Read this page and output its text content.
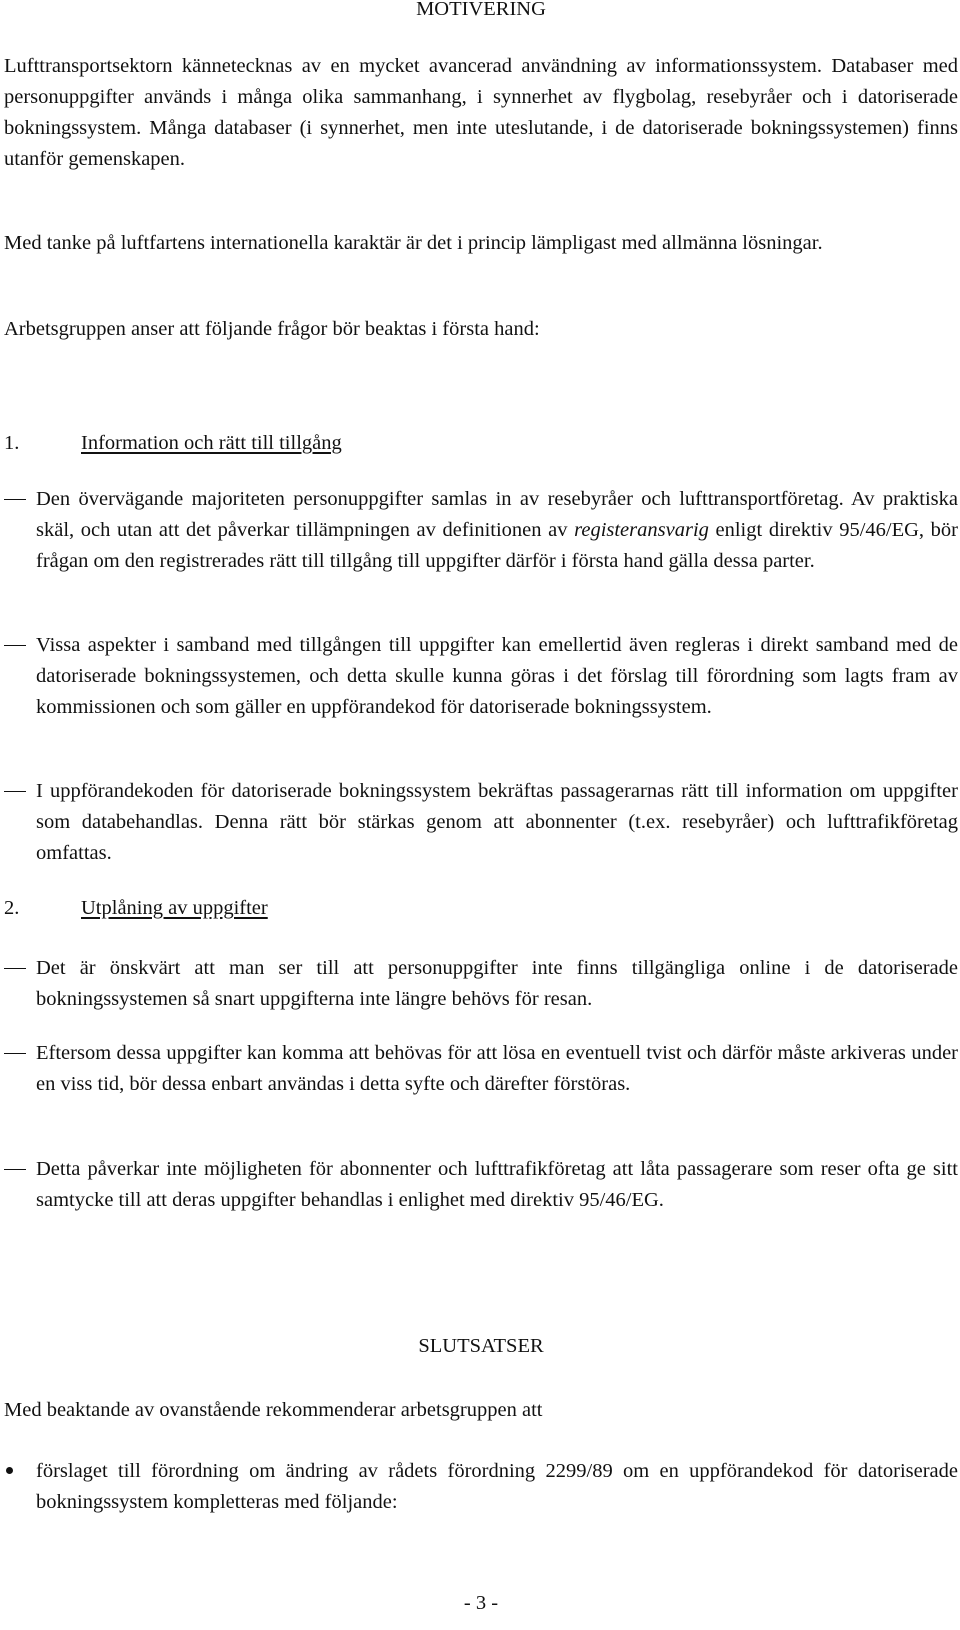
MOTIVERING
Lufttransportsektorn kännetecknas av en mycket avancerad användning av informationssystem. Databaser med personuppgifter används i många olika sammanhang, i synnerhet av flygbolag, resebyråer och i datoriserade bokningssystem. Många databaser (i synnerhet, men inte uteslutande, i de datoriserade bokningssystemen) finns utanför gemenskapen.
Med tanke på luftfartens internationella karaktär är det i princip lämpligast med allmänna lösningar.
Arbetsgruppen anser att följande frågor bör beaktas i första hand:
1.	Information och rätt till tillgång
Den övervägande majoriteten personuppgifter samlas in av resebyråer och lufttransportföretag. Av praktiska skäl, och utan att det påverkar tillämpningen av definitionen av registeransvarig enligt direktiv 95/46/EG, bör frågan om den registrerades rätt till tillgång till uppgifter därför i första hand gälla dessa parter.
Vissa aspekter i samband med tillgången till uppgifter kan emellertid även regleras i direkt samband med de datoriserade bokningssystemen, och detta skulle kunna göras i det förslag till förordning som lagts fram av kommissionen och som gäller en uppförandekod för datoriserade bokningssystem.
I uppförandekoden för datoriserade bokningssystem bekräftas passagerarnas rätt till information om uppgifter som databehandlas. Denna rätt bör stärkas genom att abonnenter (t.ex. resebyråer) och lufttrafikföretag omfattas.
2.	Utplåning av uppgifter
Det är önskvärt att man ser till att personuppgifter inte finns tillgängliga online i de datoriserade bokningssystemen så snart uppgifterna inte längre behövs för resan.
Eftersom dessa uppgifter kan komma att behövas för att lösa en eventuell tvist och därför måste arkiveras under en viss tid, bör dessa enbart användas i detta syfte och därefter förstöras.
Detta påverkar inte möjligheten för abonnenter och lufttrafikföretag att låta passagerare som reser ofta ge sitt samtycke till att deras uppgifter behandlas i enlighet med direktiv 95/46/EG.
SLUTSATSER
Med beaktande av ovanstående rekommenderar arbetsgruppen att
förslaget till förordning om ändring av rådets förordning 2299/89 om en uppförandekod för datoriserade bokningssystem kompletteras med följande:
- 3 -
